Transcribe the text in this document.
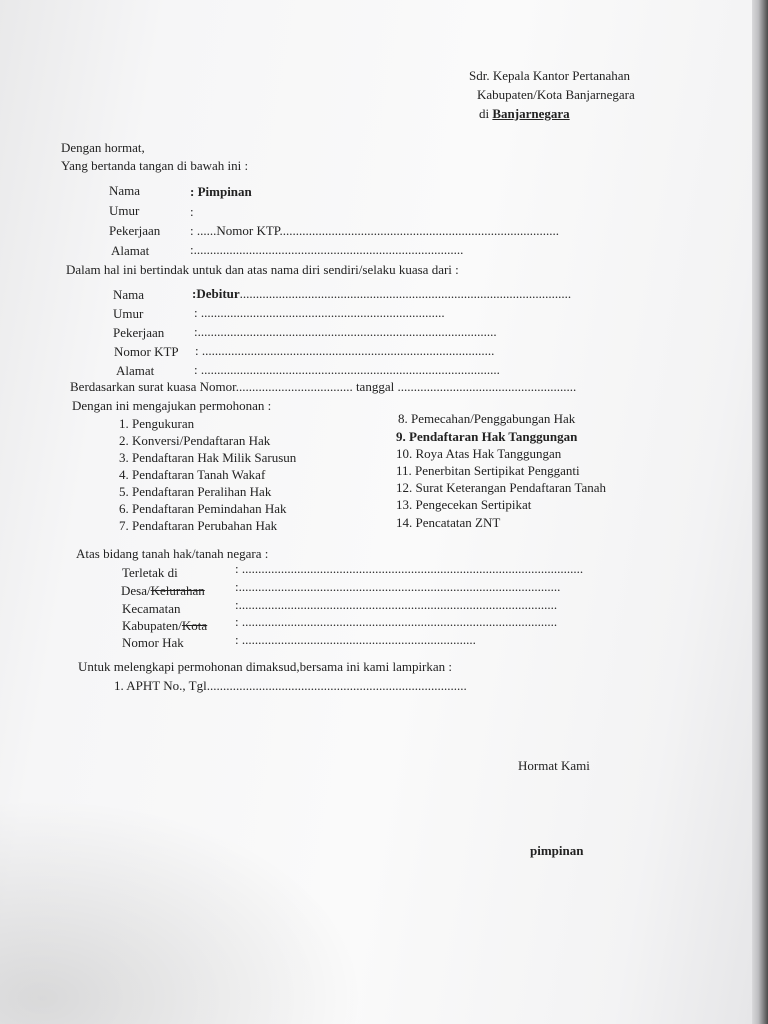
Sdr. Kepala Kantor Pertanahan
Kabupaten/Kota Banjarnegara
di Banjarnegara
Dengan hormat,
Yang bertanda tangan di bawah ini :
Nama	: Pimpinan
Umur	:
Pekerjaan : ......Nomor KTP......................................................................................
Alamat	:...................................................................................
Dalam hal ini bertindak untuk dan atas nama diri sendiri/selaku kuasa dari :
Nama	:Debitur......................................................................................................
Umur	: ...........................................................................
Pekerjaan :............................................................................................
Nomor KTP : ..........................................................................................
Alamat	: ............................................................................................
Berdasarkan surat kuasa Nomor.................................... tanggal .......................................................
Dengan ini mengajukan permohonan :
1. Pengukuran
2. Konversi/Pendaftaran Hak
3. Pendaftaran Hak Milik Sarusun
4. Pendaftaran Tanah Wakaf
5. Pendaftaran Peralihan Hak
6. Pendaftaran Pemindahan Hak
7. Pendaftaran Perubahan Hak
8. Pemecahan/Penggabungan Hak
9. Pendaftaran Hak Tanggungan
10. Roya Atas Hak Tanggungan
11. Penerbitan Sertipikat Pengganti
12. Surat Keterangan Pendaftaran Tanah
13. Pengecekan Sertipikat
14. Pencatatan ZNT
Atas bidang tanah hak/tanah negara :
Terletak di	: .........................................................................................................
Desa/Kelurahan :...................................................................................................
Kecamatan	:..................................................................................................
Kabupaten/Kota : .................................................................................................
Nomor Hak	: ........................................................................
Untuk melengkapi permohonan dimaksud,bersama ini kami lampirkan :
1. APHT No., Tgl................................................................................
Hormat Kami
pimpinan
